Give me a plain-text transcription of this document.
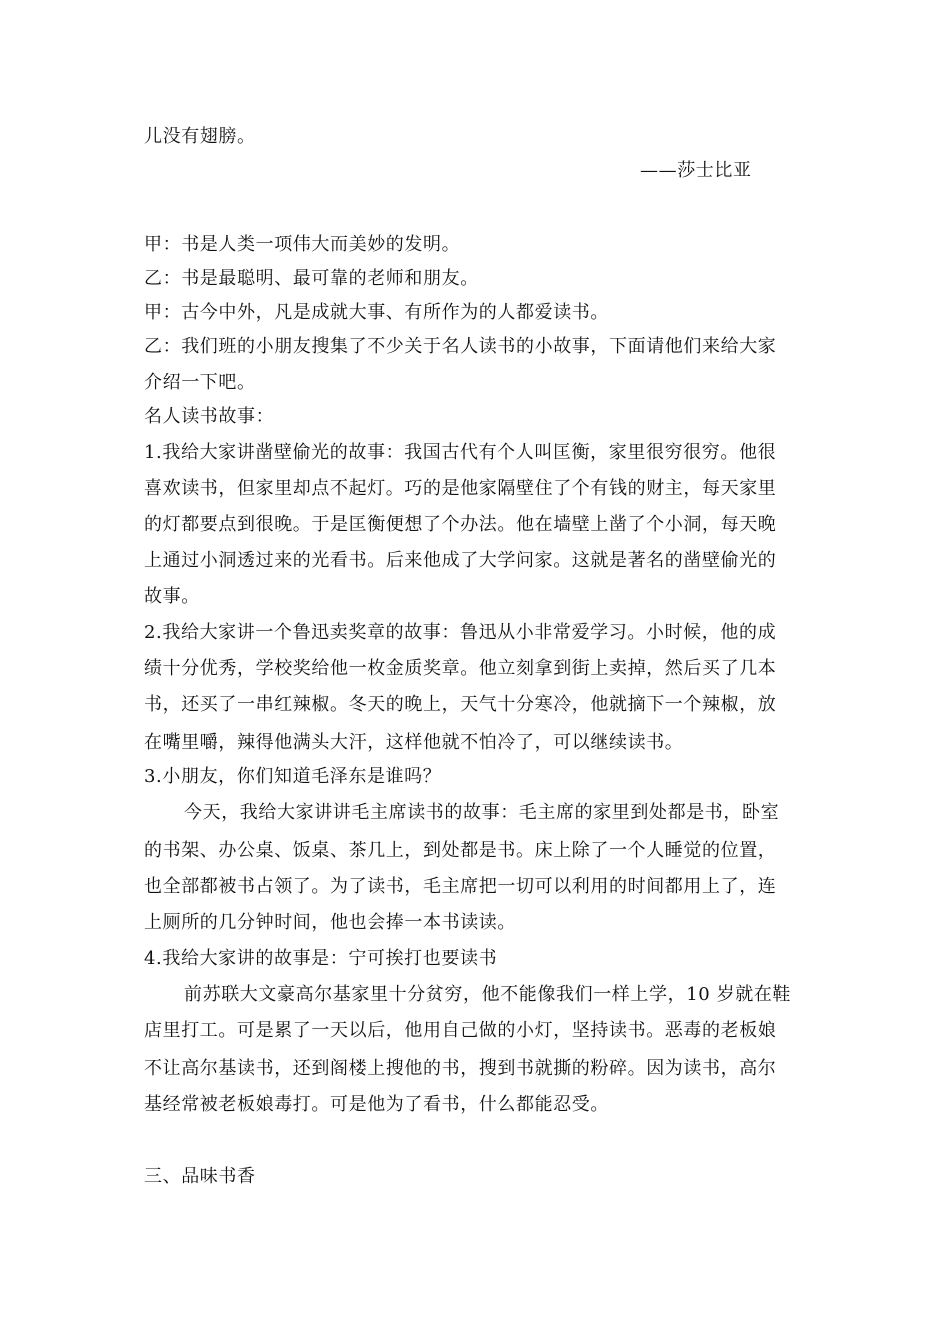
儿没有翅膀。
——莎士比亚
甲：书是人类一项伟大而美妙的发明。
乙：书是最聪明、最可靠的老师和朋友。
甲：古今中外，凡是成就大事、有所作为的人都爱读书。
乙：我们班的小朋友搜集了不少关于名人读书的小故事，下面请他们来给大家
介绍一下吧。
名人读书故事：
1.我给大家讲凿壁偷光的故事：我国古代有个人叫匡衡，家里很穷很穷。他很
喜欢读书，但家里却点不起灯。巧的是他家隔壁住了个有钱的财主，每天家里
的灯都要点到很晚。于是匡衡便想了个办法。他在墙壁上凿了个小洞，每天晚
上通过小洞透过来的光看书。后来他成了大学问家。这就是著名的凿壁偷光的
故事。
2.我给大家讲一个鲁迅卖奖章的故事：鲁迅从小非常爱学习。小时候，他的成
绩十分优秀，学校奖给他一枚金质奖章。他立刻拿到街上卖掉，然后买了几本
书，还买了一串红辣椒。冬天的晚上，天气十分寒冷，他就摘下一个辣椒，放
在嘴里嚼，辣得他满头大汗，这样他就不怕冷了，可以继续读书。
3.小朋友，你们知道毛泽东是谁吗？
今天，我给大家讲讲毛主席读书的故事：毛主席的家里到处都是书，卧室
的书架、办公桌、饭桌、茶几上，到处都是书。床上除了一个人睡觉的位置，
也全部都被书占领了。为了读书，毛主席把一切可以利用的时间都用上了，连
上厕所的几分钟时间，他也会捧一本书读读。
4.我给大家讲的故事是：宁可挨打也要读书
前苏联大文豪高尔基家里十分贫穷，他不能像我们一样上学，10 岁就在鞋
店里打工。可是累了一天以后，他用自己做的小灯，坚持读书。恶毒的老板娘
不让高尔基读书，还到阁楼上搜他的书，搜到书就撕的粉碎。因为读书，高尔
基经常被老板娘毒打。可是他为了看书，什么都能忍受。
三、品味书香
